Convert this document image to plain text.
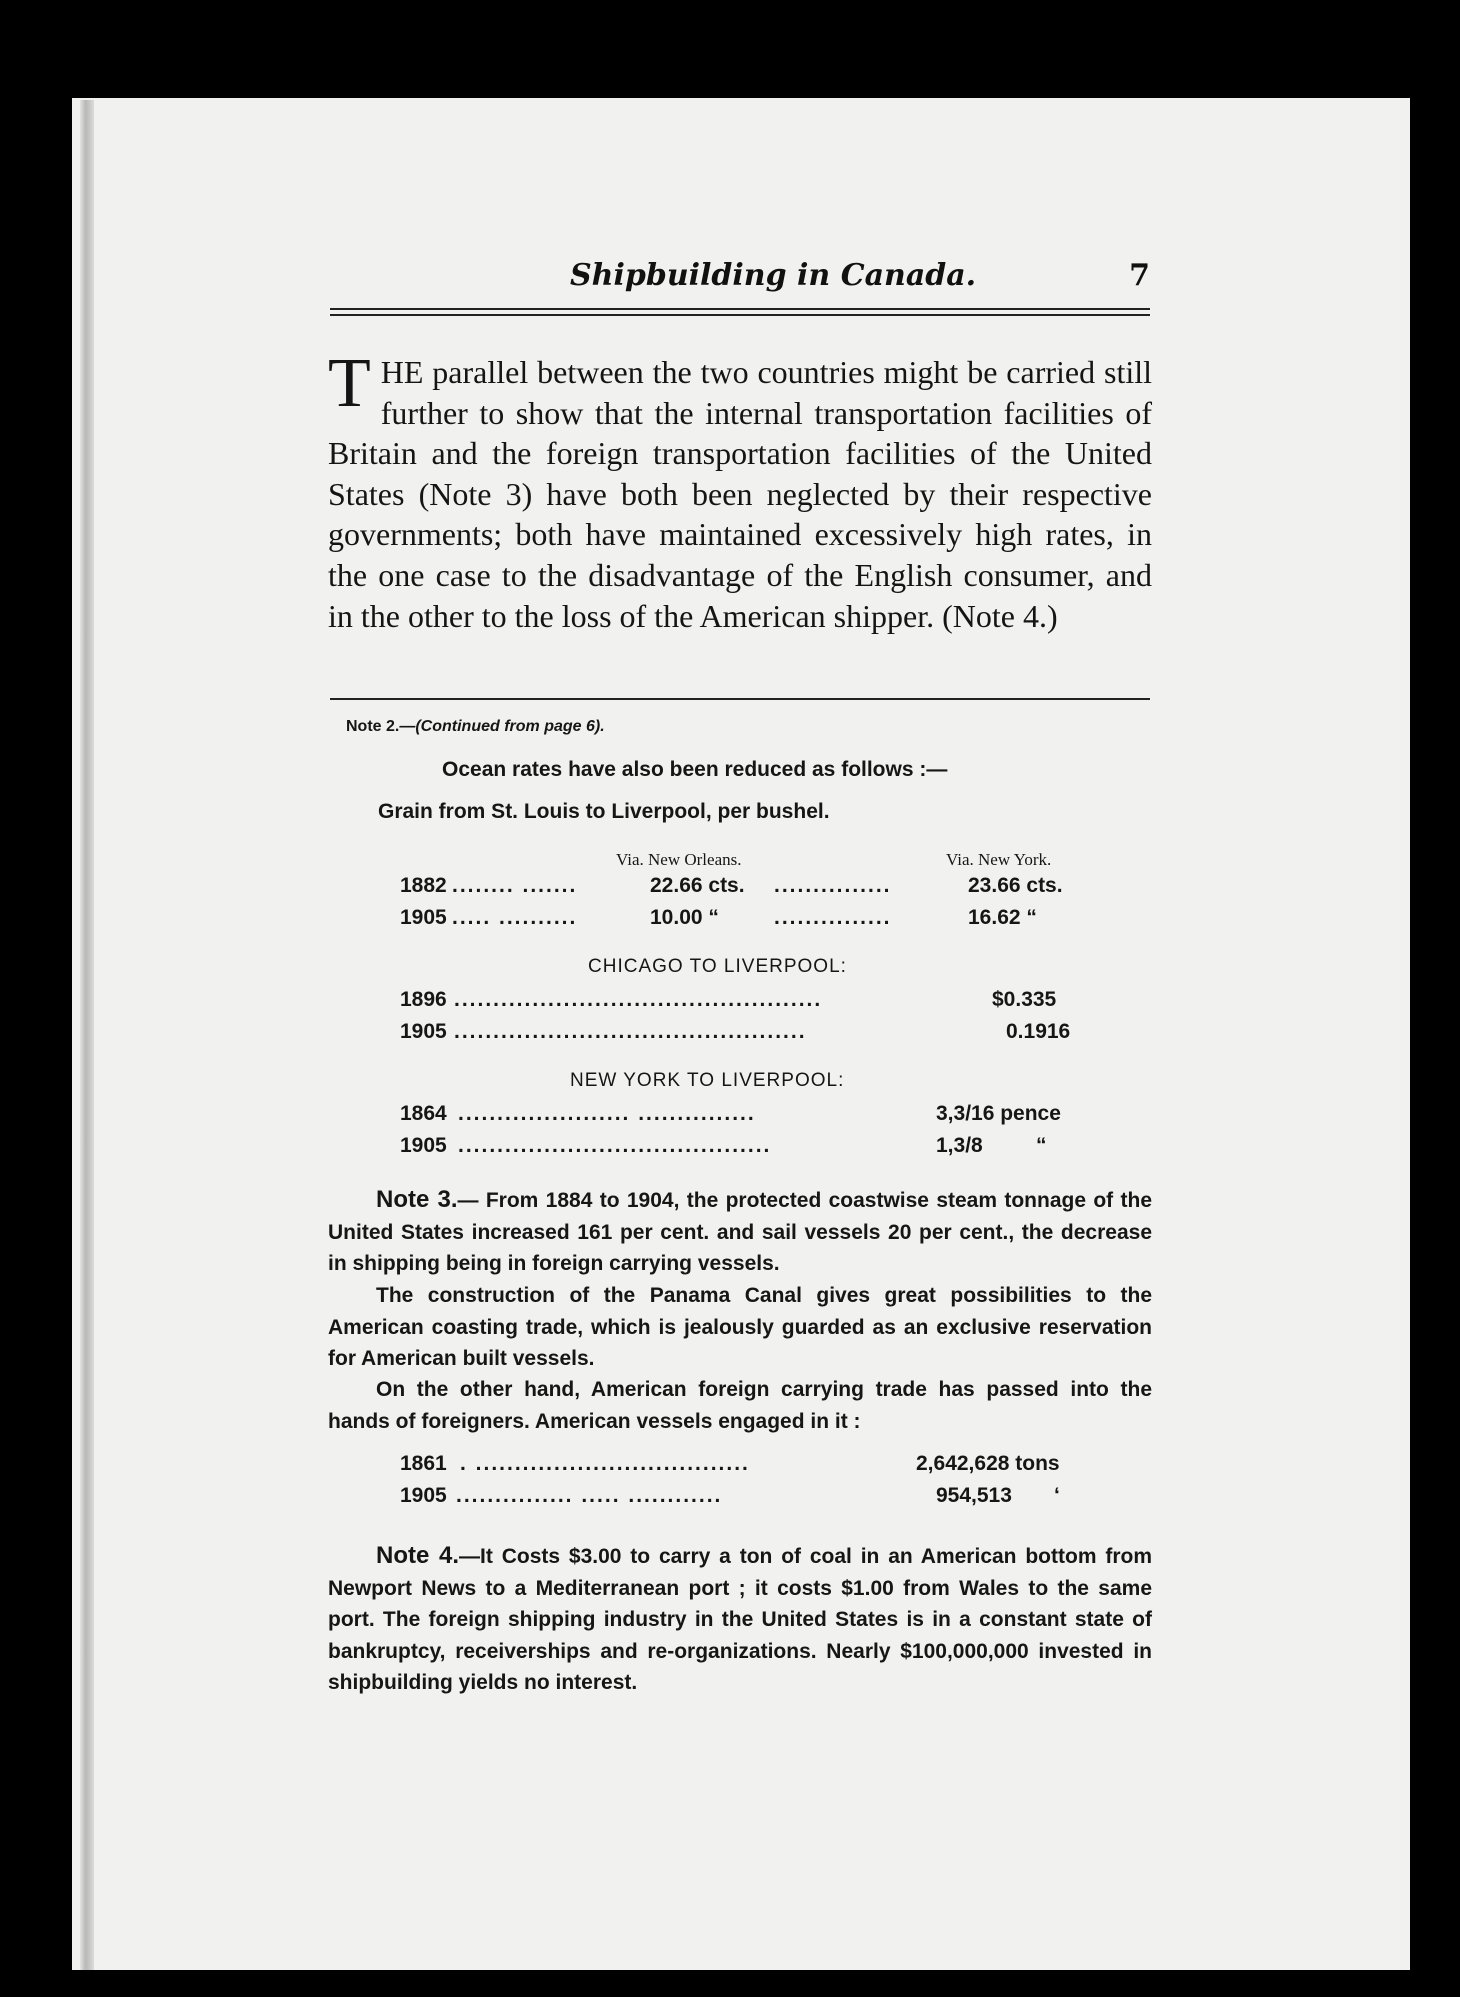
Shipbuilding in Canada.	7
THE parallel between the two countries might be carried still further to show that the internal transportation facilities of Britain and the foreign transportation facilities of the United States (Note 3) have both been neglected by their respective governments; both have maintained excessively high rates, in the one case to the disadvantage of the English consumer, and in the other to the loss of the American shipper. (Note 4.)
Note 2.—(Continued from page 6).
Ocean rates have also been reduced as follows :—
Grain from St. Louis to Liverpool, per bushel.
Via. New Orleans.	Via. New York.
1882 ........ .......	22.66 cts. ...............	23.66 cts.
1905 ..... ..........	10.00 “	...............	16.62 “
CHICAGO TO LIVERPOOL:
1896 ...............................................	$0.335
1905 .............................................	0.1916
NEW YORK TO LIVERPOOL:
1864 ...................... ...............	3,3/16 pence
1905 ........................................	1,3/8	“
Note 3.— From 1884 to 1904, the protected coastwise steam tonnage of the United States increased 161 per cent. and sail vessels 20 per cent., the decrease in shipping being in foreign carrying vessels.
The construction of the Panama Canal gives great possibilities to the American coasting trade, which is jealously guarded as an exclusive reservation for American built vessels.
On the other hand, American foreign carrying trade has passed into the hands of foreigners. American vessels engaged in it :
1861 . ...................................	2,642,628 tons
1905 ............... ..... ............	954,513 ‘
Note 4.—It Costs $3.00 to carry a ton of coal in an American bottom from Newport News to a Mediterranean port ; it costs $1.00 from Wales to the same port. The foreign shipping industry in the United States is in a constant state of bankruptcy, receiverships and re-organizations. Nearly $100,000,000 invested in shipbuilding yields no interest.
